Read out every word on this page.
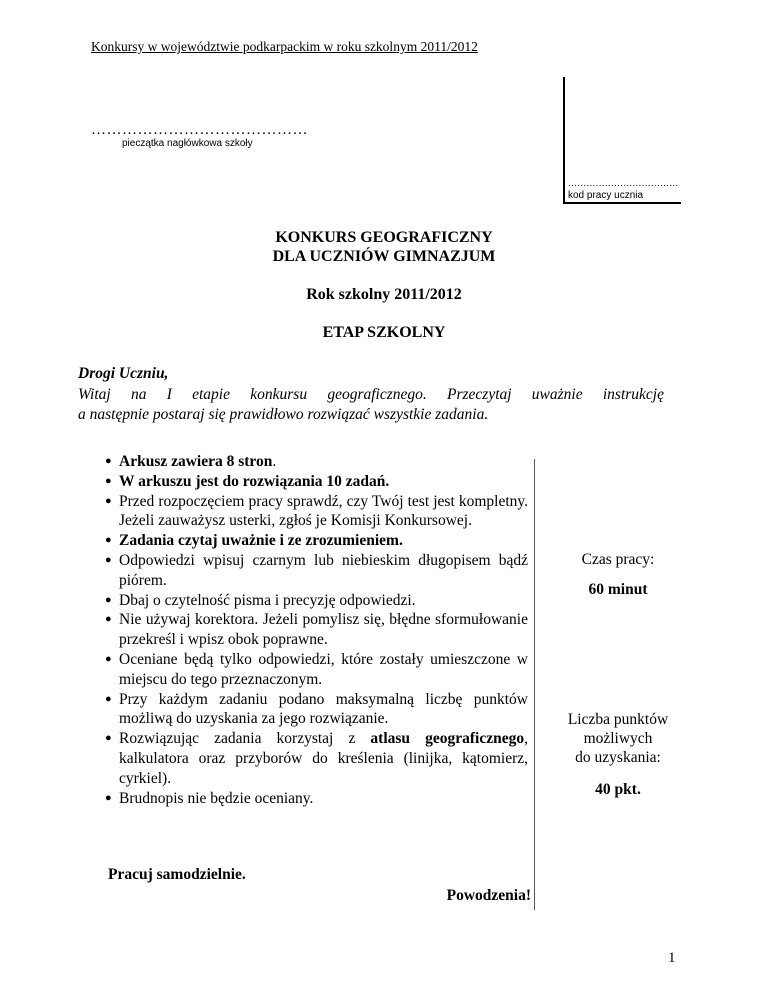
Konkursy w województwie podkarpackim w roku szkolnym 2011/2012
……………………………………
pieczątka nagłówkowa szkoły
………………………………
kod pracy ucznia
KONKURS GEOGRAFICZNY
DLA UCZNIÓW GIMNAZJUM
Rok szkolny 2011/2012
ETAP SZKOLNY
Drogi Uczniu,
Witaj na I etapie konkursu geograficznego. Przeczytaj uważnie instrukcję
a następnie postaraj się prawidłowo rozwiązać wszystkie zadania.
● Arkusz zawiera 8 stron.
● W arkuszu jest do rozwiązania 10 zadań.
● Przed rozpoczęciem pracy sprawdź, czy Twój test jest kompletny. Jeżeli zauważysz usterki, zgłoś je Komisji Konkursowej.
● Zadania czytaj uważnie i ze zrozumieniem.
● Odpowiedzi wpisuj czarnym lub niebieskim długopisem bądź piórem.
● Dbaj o czytelność pisma i precyzję odpowiedzi.
● Nie używaj korektora. Jeżeli pomylisz się, błędne sformułowanie przekreśl i wpisz obok poprawne.
● Oceniane będą tylko odpowiedzi, które zostały umieszczone w miejscu do tego przeznaczonym.
● Przy każdym zadaniu podano maksymalną liczbę punktów możliwą do uzyskania za jego rozwiązanie.
● Rozwiązując zadania korzystaj z atlasu geograficznego, kalkulatora oraz przyborów do kreślenia (linijka, kątomierz, cyrkiel).
● Brudnopis nie będzie oceniany.
Czas pracy:
60 minut
Liczba punktów
możliwych
do uzyskania:
40 pkt.
Pracuj samodzielnie.
Powodzenia!
1
